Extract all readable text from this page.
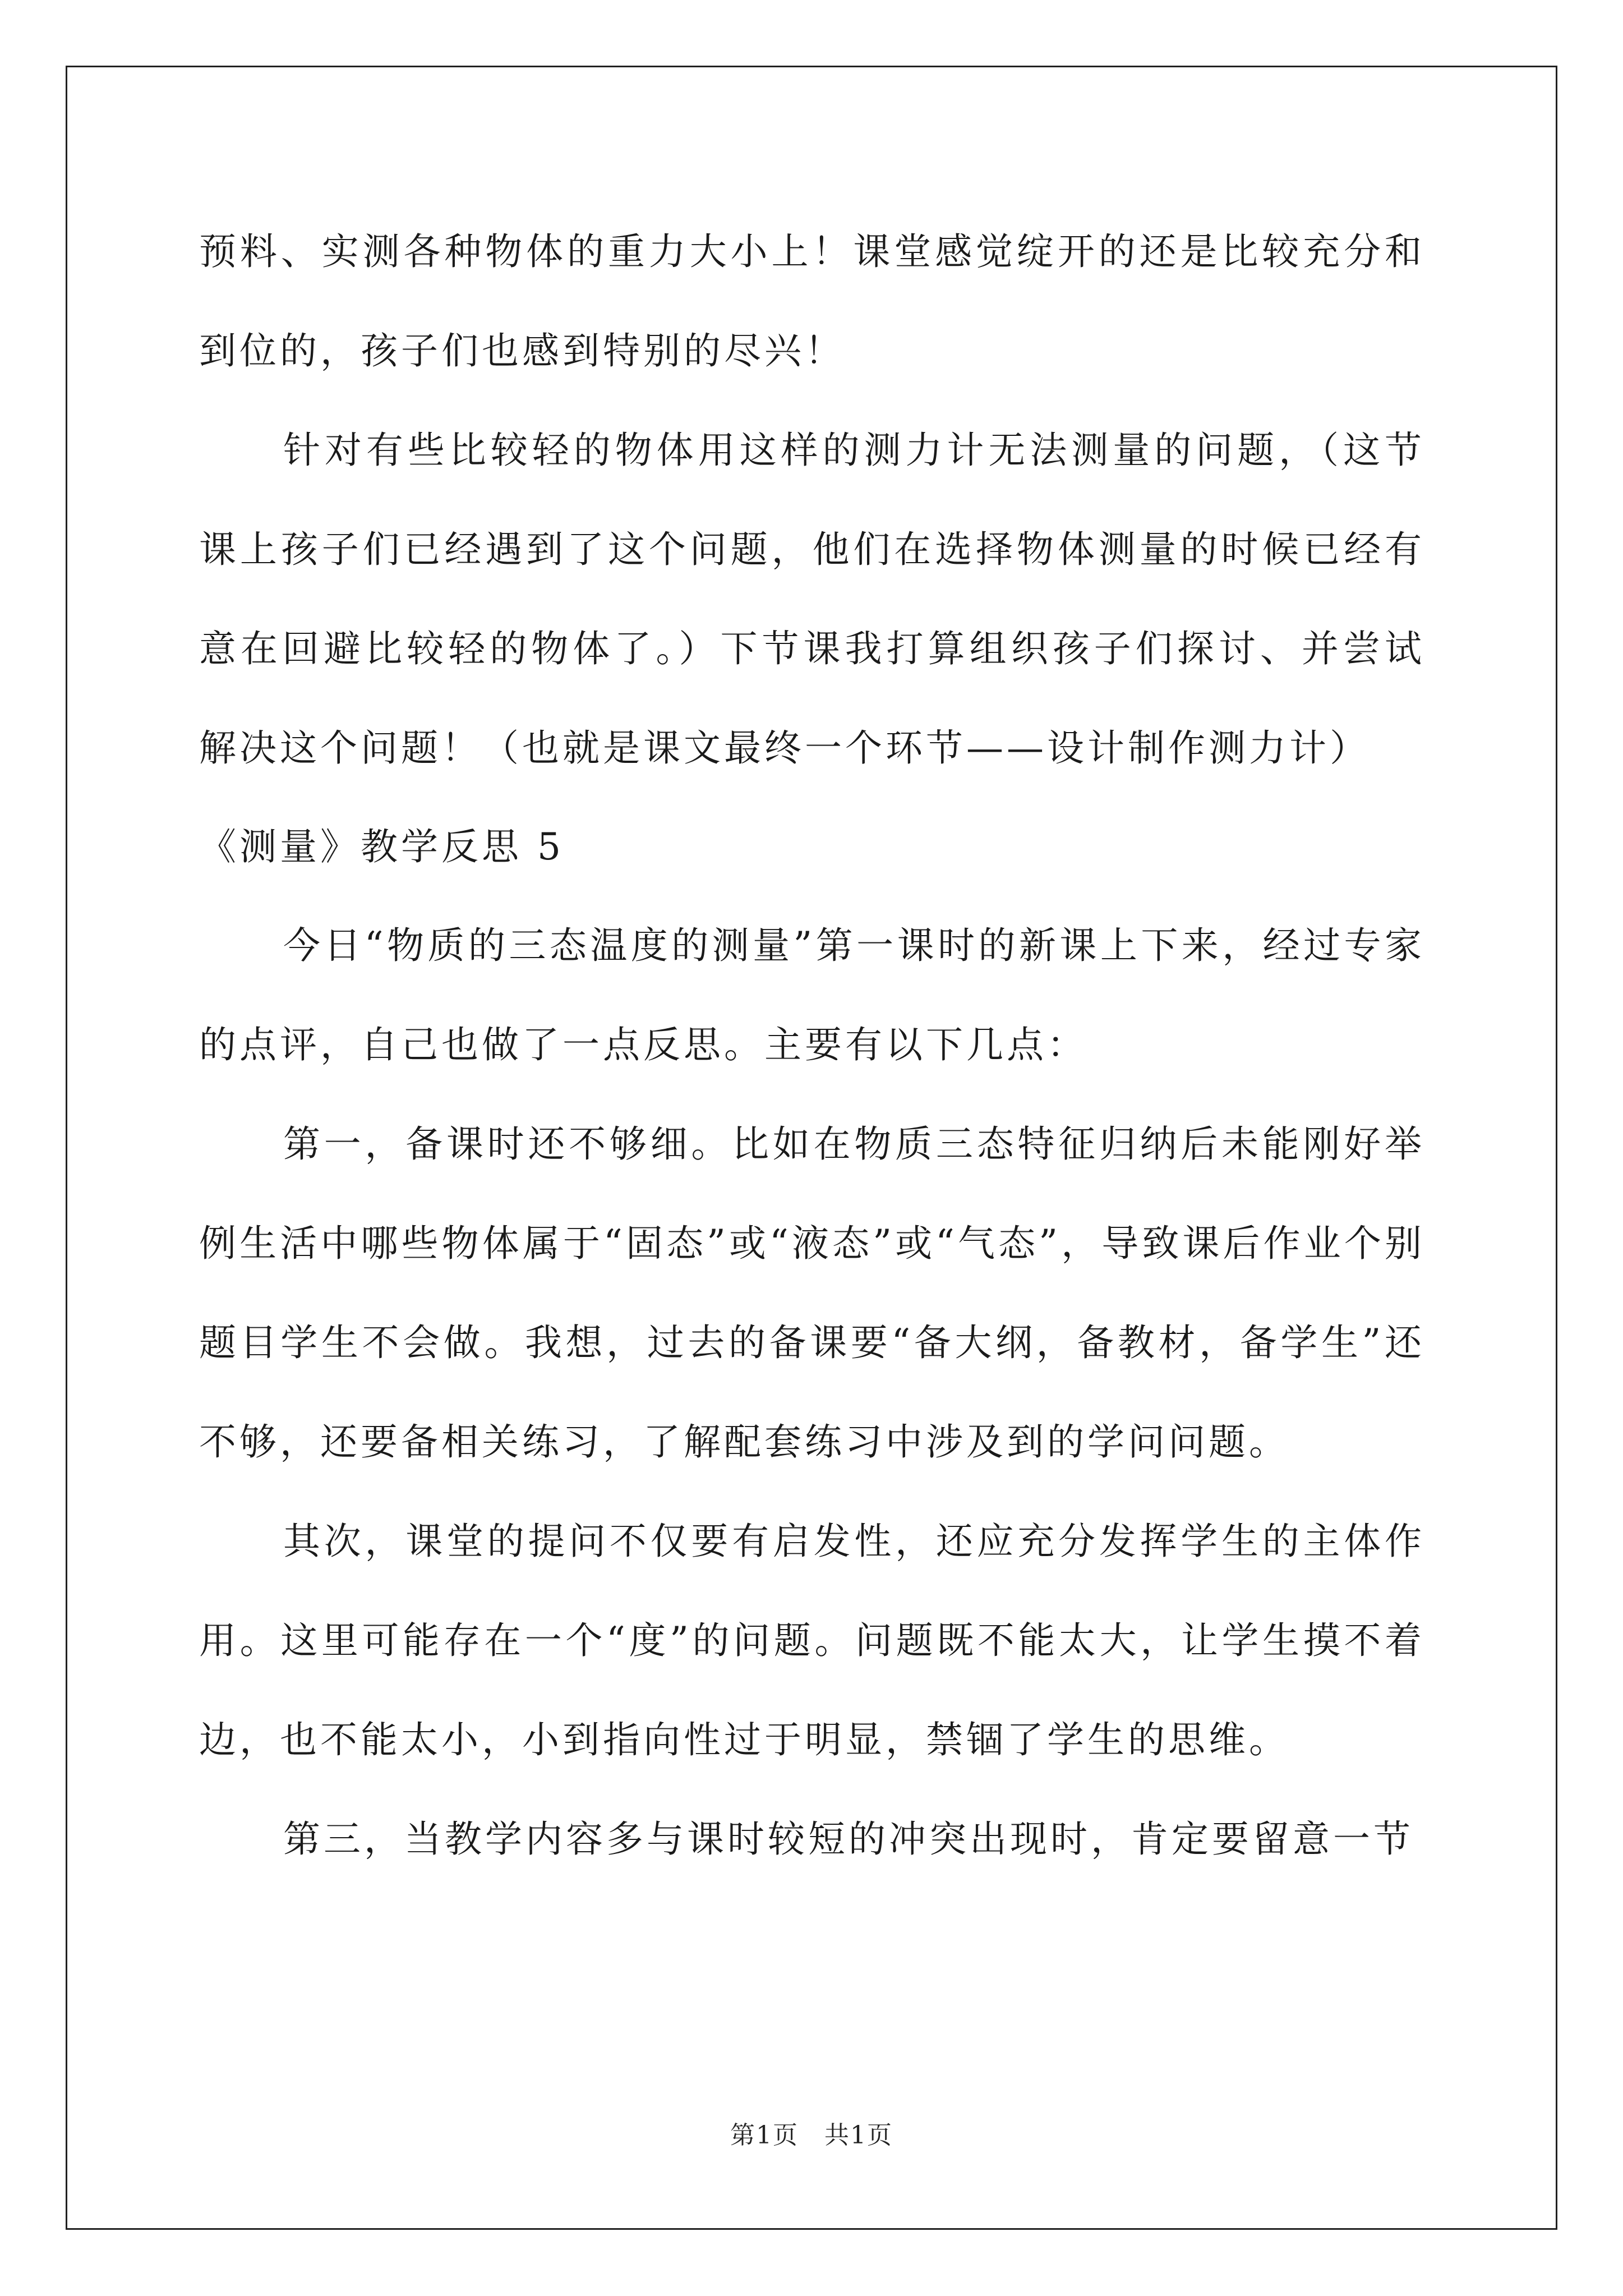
预料、实测各种物体的重力大小上！课堂感觉绽开的还是比较充分和到位的，孩子们也感到特别的尽兴！

针对有些比较轻的物体用这样的测力计无法测量的问题，（这节课上孩子们已经遇到了这个问题，他们在选择物体测量的时候已经有意在回避比较轻的物体了。）下节课我打算组织孩子们探讨、并尝试解决这个问题！（也就是课文最终一个环节——设计制作测力计）

《测量》教学反思 5

今日“物质的三态温度的测量”第一课时的新课上下来，经过专家的点评，自己也做了一点反思。主要有以下几点：

第一，备课时还不够细。比如在物质三态特征归纳后未能刚好举例生活中哪些物体属于“固态”或“液态”或“气态”，导致课后作业个别题目学生不会做。我想，过去的备课要“备大纲，备教材，备学生”还不够，还要备相关练习，了解配套练习中涉及到的学问问题。

其次，课堂的提问不仅要有启发性，还应充分发挥学生的主体作用。这里可能存在一个“度”的问题。问题既不能太大，让学生摸不着边，也不能太小，小到指向性过于明显，禁锢了学生的思维。

第三，当教学内容多与课时较短的冲突出现时，肯定要留意一节

第1页　共1页
